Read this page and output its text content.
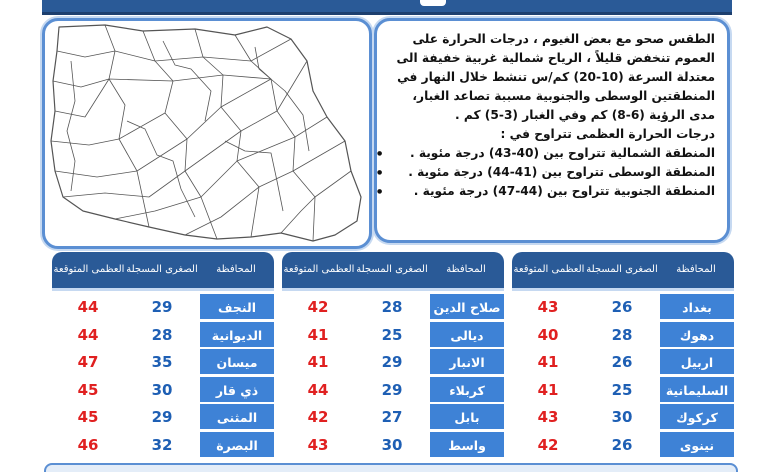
الطقس صحو مع بعض الغيوم ، درجات الحرارة على العموم تنخفض قليلاً ، الرياح شمالية غربية خفيفة الى معتدلة السرعة (10-20) كم/س تنشط خلال النهار في المنطقتين الوسطى والجنوبية مسببة تصاعد الغبار، مدى الرؤية (6-8) كم وفي الغبار (3-5) كم .

درجات الحرارة العظمى تتراوح في :

المنطقة الشمالية تتراوح بين (40-43) درجة مئوية . ●
المنطقة الوسطى تتراوح بين (41-44) درجة مئوية . ●
المنطقة الجنوبية تتراوح بين (44-47) درجة مئوية . ●
المحافظة
الصغرى المسجلة
العظمى المتوقعة
بغداد
26
43
دهوك
28
40
اربيل
26
41
السليمانية
25
41
كركوك
30
43
نينوى
26
42
المحافظة
الصغرى المسجلة
العظمى المتوقعة
صلاح الدين
28
42
ديالى
25
41
الانبار
29
41
كربلاء
29
44
بابل
27
42
واسط
30
43
المحافظة
الصغرى المسجلة
العظمى المتوقعة
النجف
29
44
الديوانية
28
44
ميسان
35
47
ذي قار
30
45
المثنى
29
45
البصرة
32
46
